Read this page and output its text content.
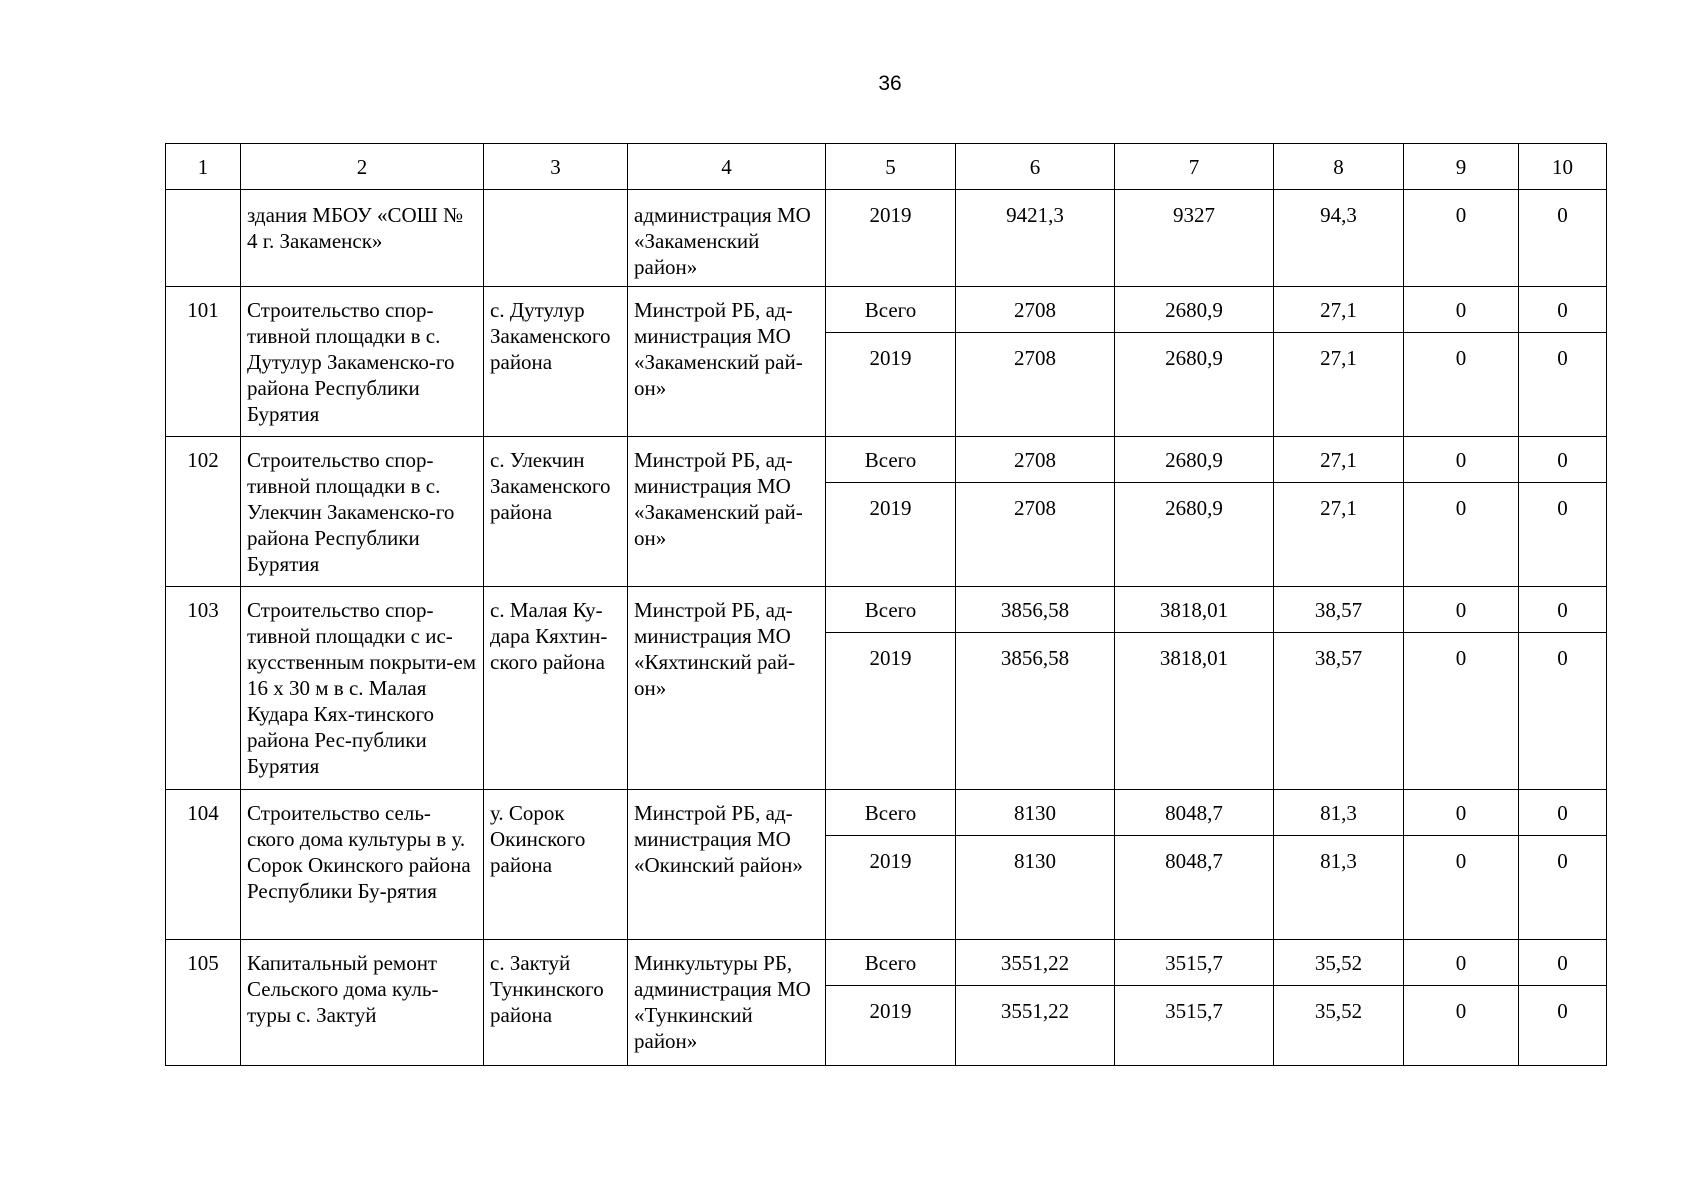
36
1	2	3	4	5	6	7	8	9	10
	здания МБОУ «СОШ № 4 г. Закаменск»		администрация МО «Закаменский район»	2019	9421,3	9327	94,3	0	0
101	Строительство спор-тивной площадки в с. Дутулур Закаменско-го района Республики Бурятия	с. Дутулур Закаменского района	Минстрой РБ, ад-министрация МО «Закаменский рай-он»	Всего	2708	2680,9	27,1	0	0
				2019	2708	2680,9	27,1	0	0
102	Строительство спор-тивной площадки в с. Улекчин Закаменско-го района Республики Бурятия	с. Улекчин Закаменского района	Минстрой РБ, ад-министрация МО «Закаменский рай-он»	Всего	2708	2680,9	27,1	0	0
				2019	2708	2680,9	27,1	0	0
103	Строительство спор-тивной площадки с ис-кусственным покрыти-ем 16 х 30 м в с. Малая Кудара Кях-тинского района Рес-публики Бурятия	с. Малая Ку-дара Кяхтин-ского района	Минстрой РБ, ад-министрация МО «Кяхтинский рай-он»	Всего	3856,58	3818,01	38,57	0	0
				2019	3856,58	3818,01	38,57	0	0
104	Строительство сель-ского дома культуры в у. Сорок Окинского района Республики Бу-рятия	у. Сорок Окинского района	Минстрой РБ, ад-министрация МО «Окинский район»	Всего	8130	8048,7	81,3	0	0
				2019	8130	8048,7	81,3	0	0
105	Капитальный ремонт Сельского дома куль-туры с. Зактуй	с. Зактуй Тункинского района	Минкультуры РБ, администрация МО «Тункинский район»	Всего	3551,22	3515,7	35,52	0	0
				2019	3551,22	3515,7	35,52	0	0
